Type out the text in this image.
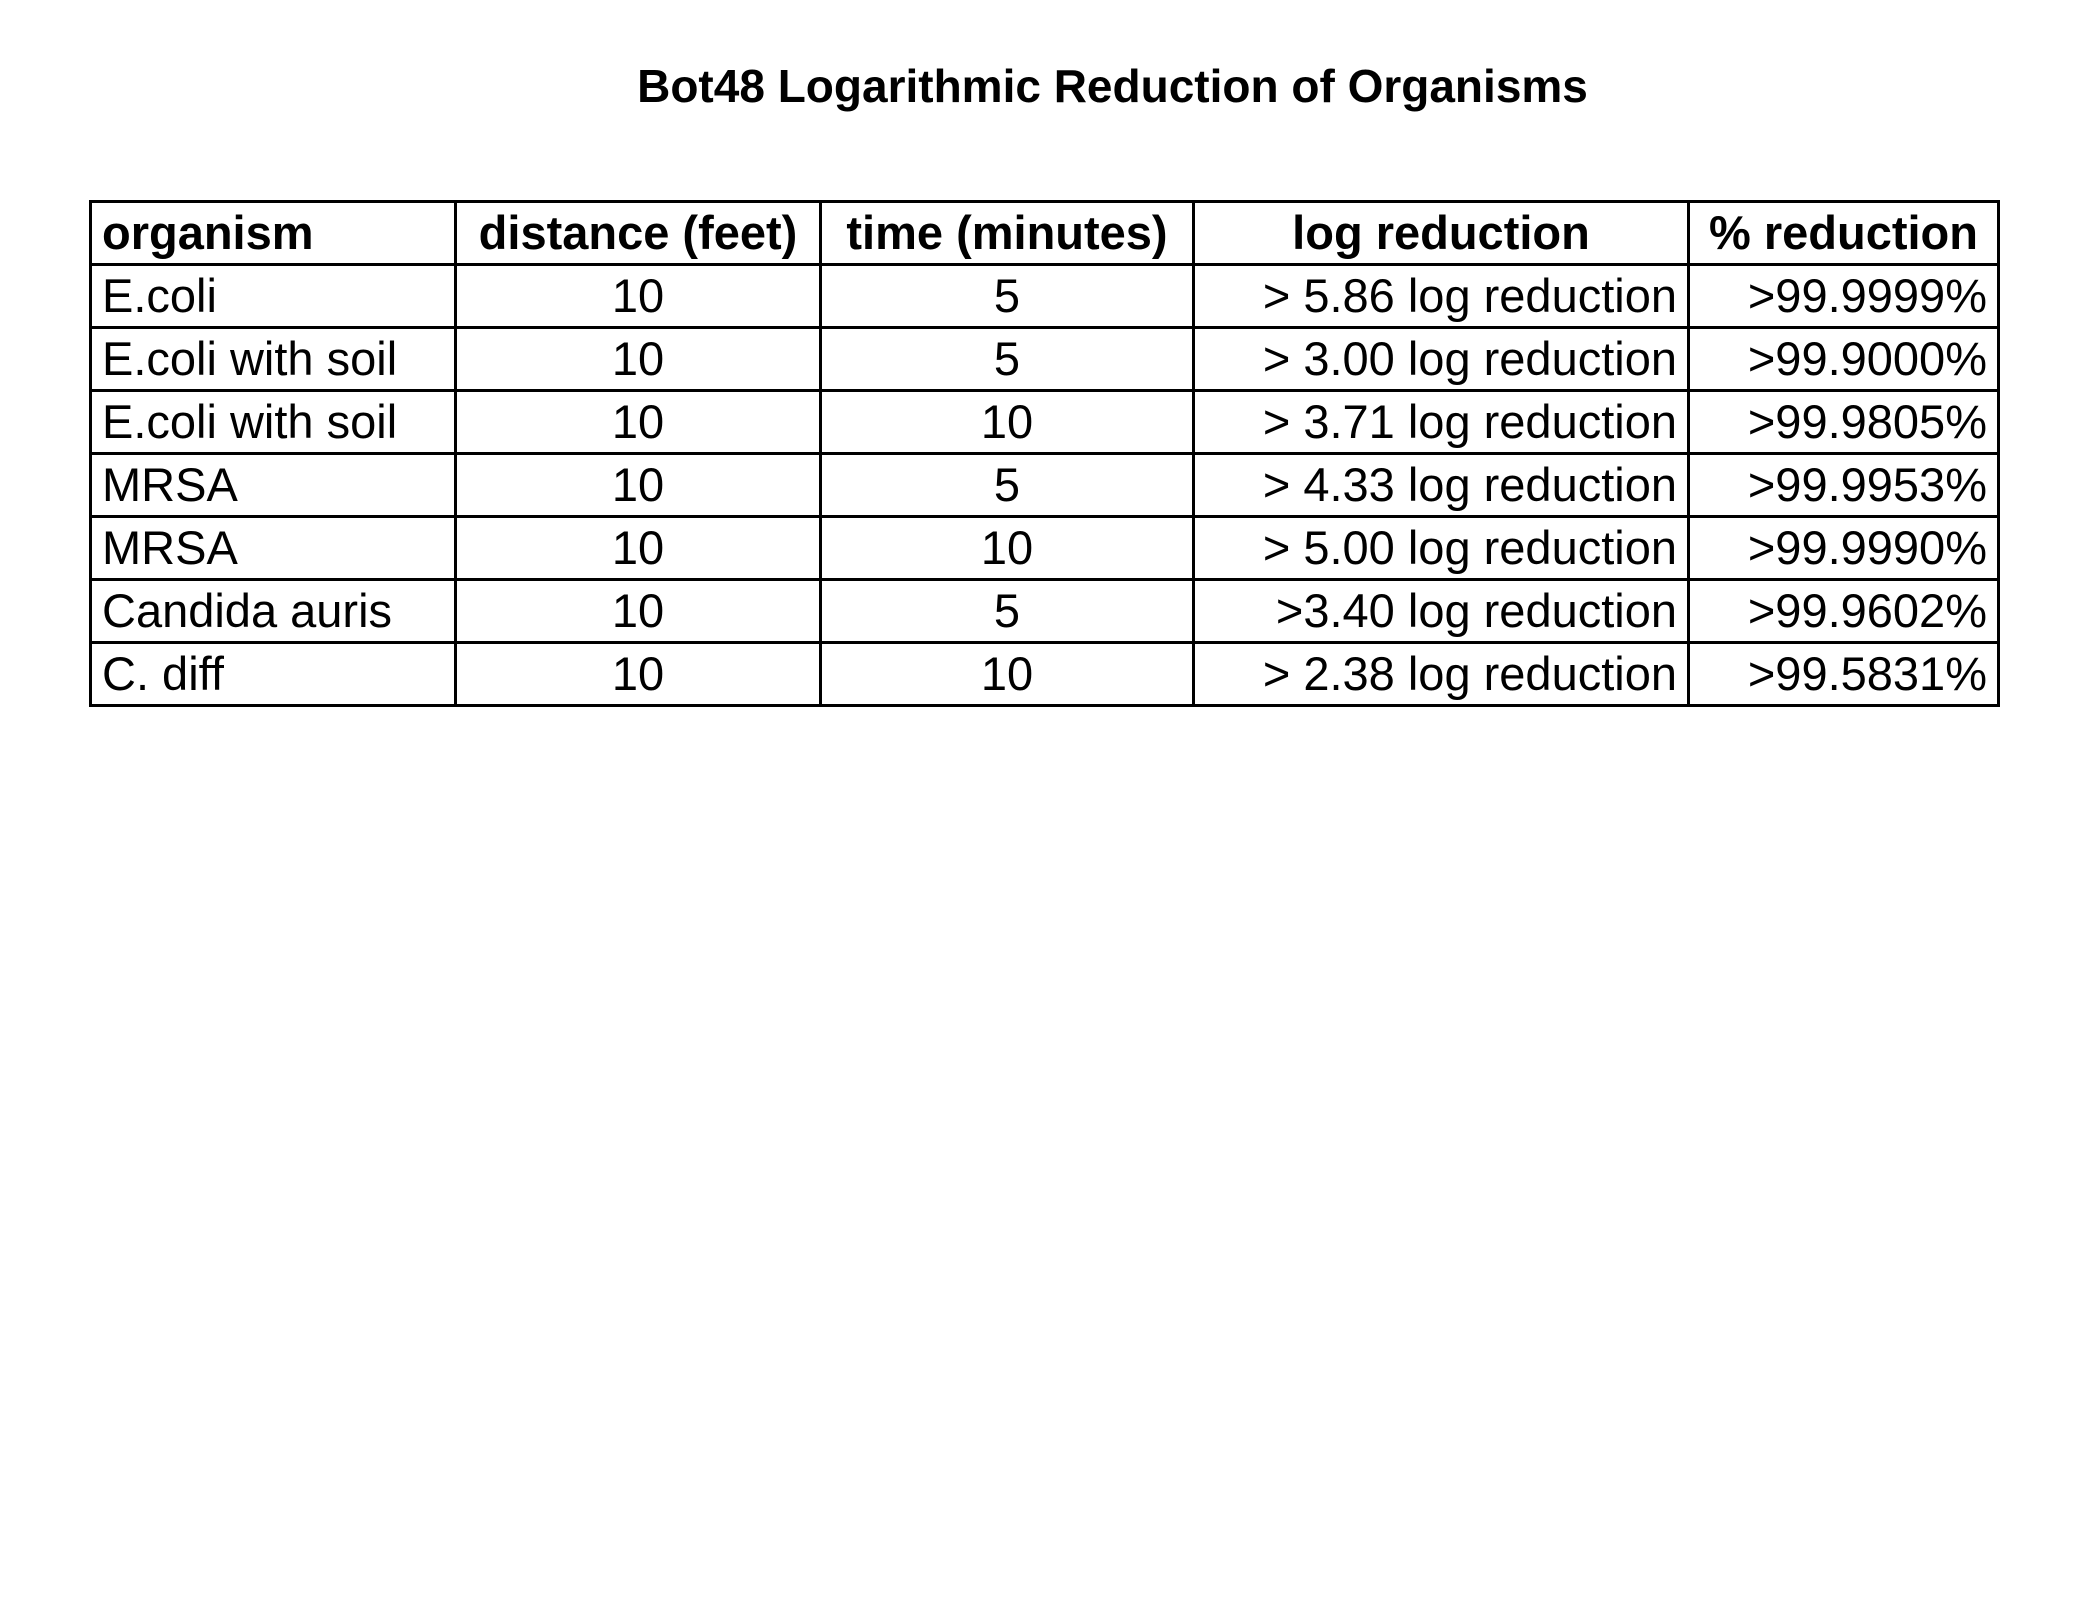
Bot48 Logarithmic Reduction of Organisms
organism	distance (feet)	time (minutes)	log reduction	% reduction
E.coli	10	5	> 5.86 log reduction	>99.9999%
E.coli with soil	10	5	> 3.00 log reduction	>99.9000%
E.coli with soil	10	10	> 3.71 log reduction	>99.9805%
MRSA	10	5	> 4.33 log reduction	>99.9953%
MRSA	10	10	> 5.00 log reduction	>99.9990%
Candida auris	10	5	>3.40 log reduction	>99.9602%
C. diff	10	10	> 2.38 log reduction	>99.5831%
